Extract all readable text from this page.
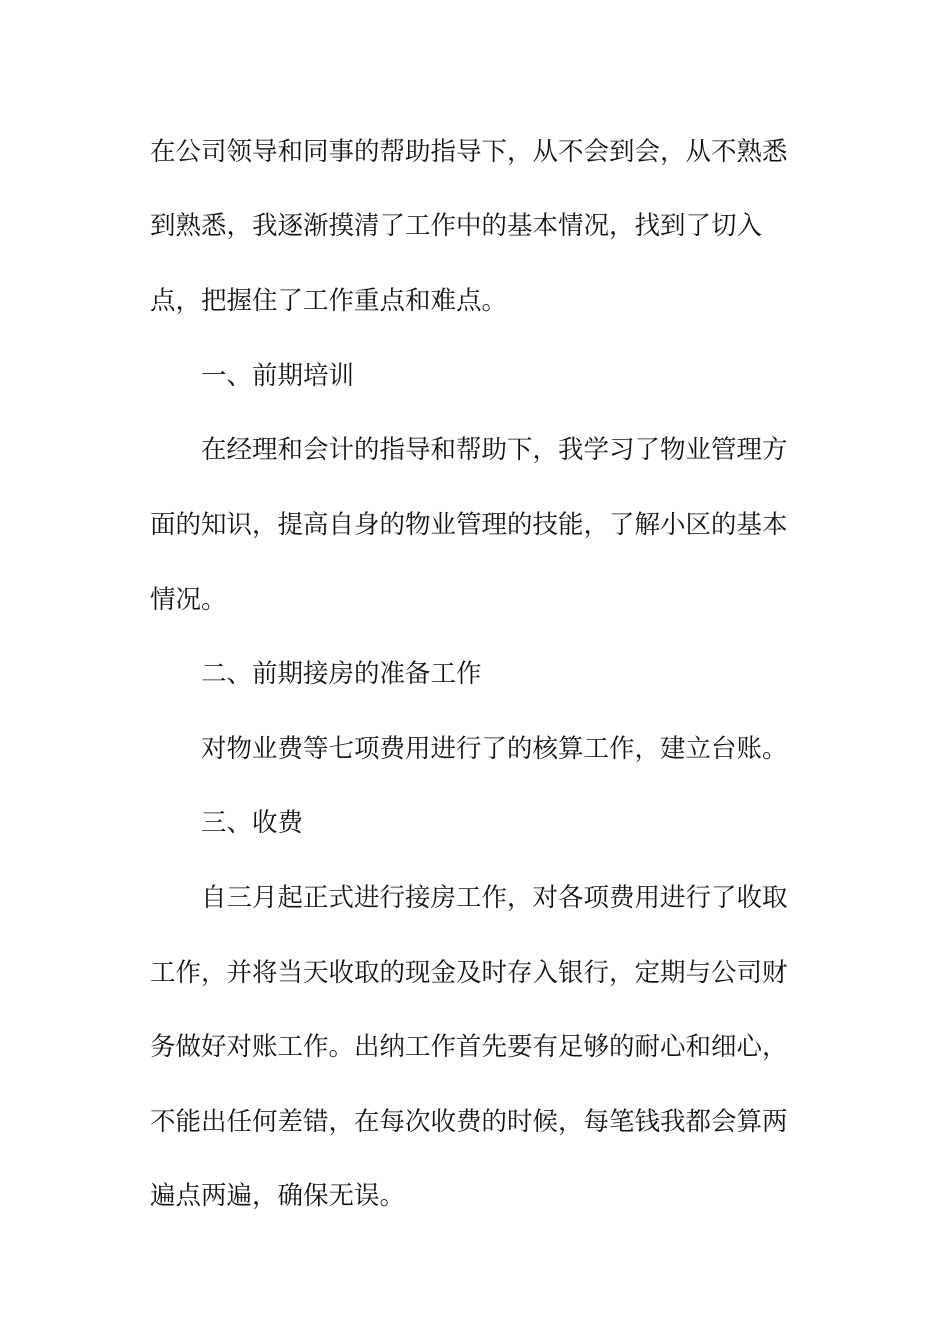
在公司领导和同事的帮助指导下，从不会到会，从不熟悉
到熟悉，我逐渐摸清了工作中的基本情况，找到了切入
点，把握住了工作重点和难点。
一、前期培训
在经理和会计的指导和帮助下，我学习了物业管理方
面的知识，提高自身的物业管理的技能，了解小区的基本
情况。
二、前期接房的准备工作
对物业费等七项费用进行了的核算工作，建立台账。
三、收费
自三月起正式进行接房工作，对各项费用进行了收取
工作，并将当天收取的现金及时存入银行，定期与公司财
务做好对账工作。出纳工作首先要有足够的耐心和细心，
不能出任何差错，在每次收费的时候，每笔钱我都会算两
遍点两遍，确保无误。
